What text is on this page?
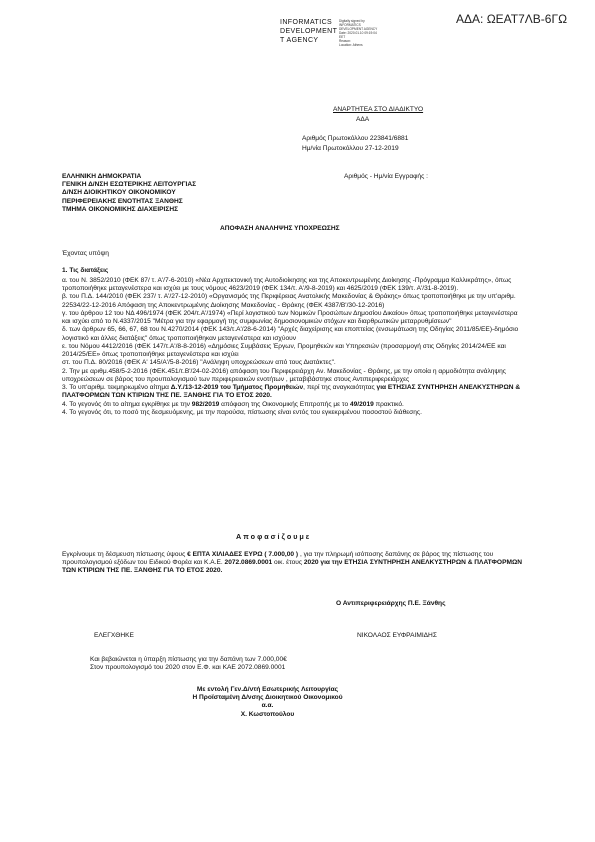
ΑΔΑ: ΩΕΑΤ7ΛΒ-6ΓΩ
INFORMATICS
DEVELOPMENT
T AGENCY
Digitally signed by
INFORMATICS
DEVELOPMENT AGENCY
Date: 2020.01.10 09:19:04
EET
Reason:
Location: Athens
ΑΝΑΡΤΗΤΕΑ ΣΤΟ ΔΙΑΔΙΚΤΥΟ
ΑΔΑ
Αριθμός Πρωτοκόλλου 223841/6881
Ημ/νία Πρωτοκόλλου 27-12-2019
ΕΛΛΗΝΙΚΗ ΔΗΜΟΚΡΑΤΙΑ
ΓΕΝΙΚΗ Δ/ΝΣΗ ΕΣΩΤΕΡΙΚΗΣ ΛΕΙΤΟΥΡΓΙΑΣ
Δ/ΝΣΗ ΔΙΟΙΚΗΤΙΚΟΥ ΟΙΚΟΝΟΜΙΚΟΥ
ΠΕΡΙΦΕΡΕΙΑΚΗΣ ΕΝΟΤΗΤΑΣ ΞΑΝΘΗΣ
ΤΜΗΜΑ ΟΙΚΟΝΟΜΙΚΗΣ ΔΙΑΧΕΙΡΙΣΗΣ
Αριθμός - Ημ/νία Εγγραφής :
ΑΠΟΦΑΣΗ ΑΝΑΛΗΨΗΣ ΥΠΟΧΡΕΩΣΗΣ
Έχοντας υπόψη
1. Τις διατάξεις

α. του Ν. 3852/2010 (ΦΕΚ 87/ τ. Α'/7-6-2010) «Νέα Αρχιτεκτονική της Αυτοδιοίκησης και της Αποκεντρωμένης Διοίκησης -Πρόγραμμα Καλλικράτης», όπως τροποποιήθηκε μεταγενέστερα και ισχύει με τους νόμους 4623/2019 (ΦΕΚ 134/τ. Α'/9-8-2019) και 4625/2019 (ΦΕΚ 139/τ. Α'/31-8-2019).

β. του Π.Δ. 144/2010 (ΦΕΚ 237/ τ. Α'/27-12-2010) «Οργανισμός της Περιφέρειας Ανατολικής Μακεδονίας & Θράκης» όπως τροποποιήθηκε με την υπ'αριθμ. 22534/22-12-2016 Απόφαση της Αποκεντρωμένης Διοίκησης Μακεδονίας - Θράκης (ΦΕΚ 4387/Β'/30-12-2016)

γ. του άρθρου 12 του ΝΔ 496/1974 (ΦΕΚ 204/τ.Α'/1974) «Περί λογιστικού των Νομικών Προσώπων Δημοσίου Δικαίου» όπως τροποποιήθηκε μεταγενέστερα και ισχύει από το Ν.4337/2015 "Μέτρα για την εφαρμογή της συμφωνίας δημοσιονομικών στόχων και διαρθρωτικών μεταρρυθμίσεων"

δ. των άρθρων 65, 66, 67, 68 του Ν.4270/2014 (ΦΕΚ 143/τ.Α'/28-6-2014) "Αρχές διαχείρισης και εποπτείας (ενσωμάτωση της Οδηγίας 2011/85/ΕΕ)-δημόσιο λογιστικό και άλλες διατάξεις" όπως τροποποιήθηκαν μεταγενέστερα και ισχύουν

ε. του Νόμου 4412/2016 (ΦΕΚ 147/τ.Α'/8-8-2016) «Δημόσιες Συμβάσεις Έργων, Προμηθειών και Υπηρεσιών (προσαρμογή στις Οδηγίες 2014/24/ΕΕ και 2014/25/ΕΕ» όπως τροποποιήθηκε μεταγενέστερα και ισχύει

στ. του Π.Δ. 80/2016 (ΦΕΚ Α' 145/Α'/5-8-2016) "Ανάληψη υποχρεώσεων από τους Διατάκτες".

2. Την με αριθμ.458/5-2-2016 (ΦΕΚ.451/τ.Β'/24-02-2016) απόφαση του Περιφερειάρχη Αν. Μακεδονίας - Θράκης, με την οποία η αρμοδιότητα ανάληψης υποχρεώσεων σε βάρος του προυπολογισμού των περιφερειακών ενοτήτων , μεταβιβάστηκε στους Αντιπεριφερειάρχες

3. Το υπ'αριθμ. τεκμηριωμένο αίτημα Δ.Υ./13-12-2019 του Τμήματος Προμηθειών, περί της αναγκαιότητας για ΕΤΗΣΙΑΣ ΣΥΝΤΗΡΗΣΗ ΑΝΕΛΚΥΣΤΗΡΩΝ & ΠΛΑΤΦΟΡΜΩΝ ΤΩΝ ΚΤΙΡΙΩΝ ΤΗΣ ΠΕ. ΞΑΝΘΗΣ ΓΙΑ ΤΟ ΕΤΟΣ 2020.

4. Το γεγονός ότι το αίτημα εγκρίθηκε με την 982/2019 απόφαση της Οικονομικής Επιτροπής με το 49/2019 πρακτικό.

4. Το γεγονός ότι, το ποσό της δεσμευόμενης, με την παρούσα, πίστωσης είναι εντός του εγκεκριμένου ποσοστού διάθεσης.

Α π ο φ α σ ί ζ ο υ μ ε

Εγκρίνουμε τη δέσμευση πίστωσης ύψους € ΕΠΤΑ ΧΙΛΙΑΔΕΣ ΕΥΡΩ ( 7.000,00 ) , για την πληρωμή ισόποσης δαπάνης σε βάρος της πίστωσης του προυπολογισμού εξόδων του Ειδικού Φορέα και Κ.Α.Ε. 2072.0869.0001 οικ. έτους 2020 για την ΕΤΗΣΙΑ ΣΥΝΤΗΡΗΣΗ ΑΝΕΛΚΥΣΤΗΡΩΝ & ΠΛΑΤΦΟΡΜΩΝ ΤΩΝ ΚΤΙΡΙΩΝ ΤΗΣ ΠΕ. ΞΑΝΘΗΣ ΓΙΑ ΤΟ ΕΤΟΣ 2020.

Ο Αντιπεριφερειάρχης Π.Ε. Ξάνθης
ΕΛΕΓΧΘΗΚΕ	ΝΙΚΟΛΑΟΣ ΕΥΦΡΑΙΜΙΔΗΣ
Και βεβαιώνεται η ύπαρξη πίστωσης για την δαπάνη των 7.000,00€
Στον προυπολογισμό του 2020 στον Ε.Φ. και ΚΑΕ 2072.0869.0001
Με εντολή Γεν.Δ/ντή Εσωτερικής Λειτουργίας
Η Προϊσταμένη Δ/νσης Διοικητικού Οικονομικού
α.α.
Χ. Κωστοπούλου
